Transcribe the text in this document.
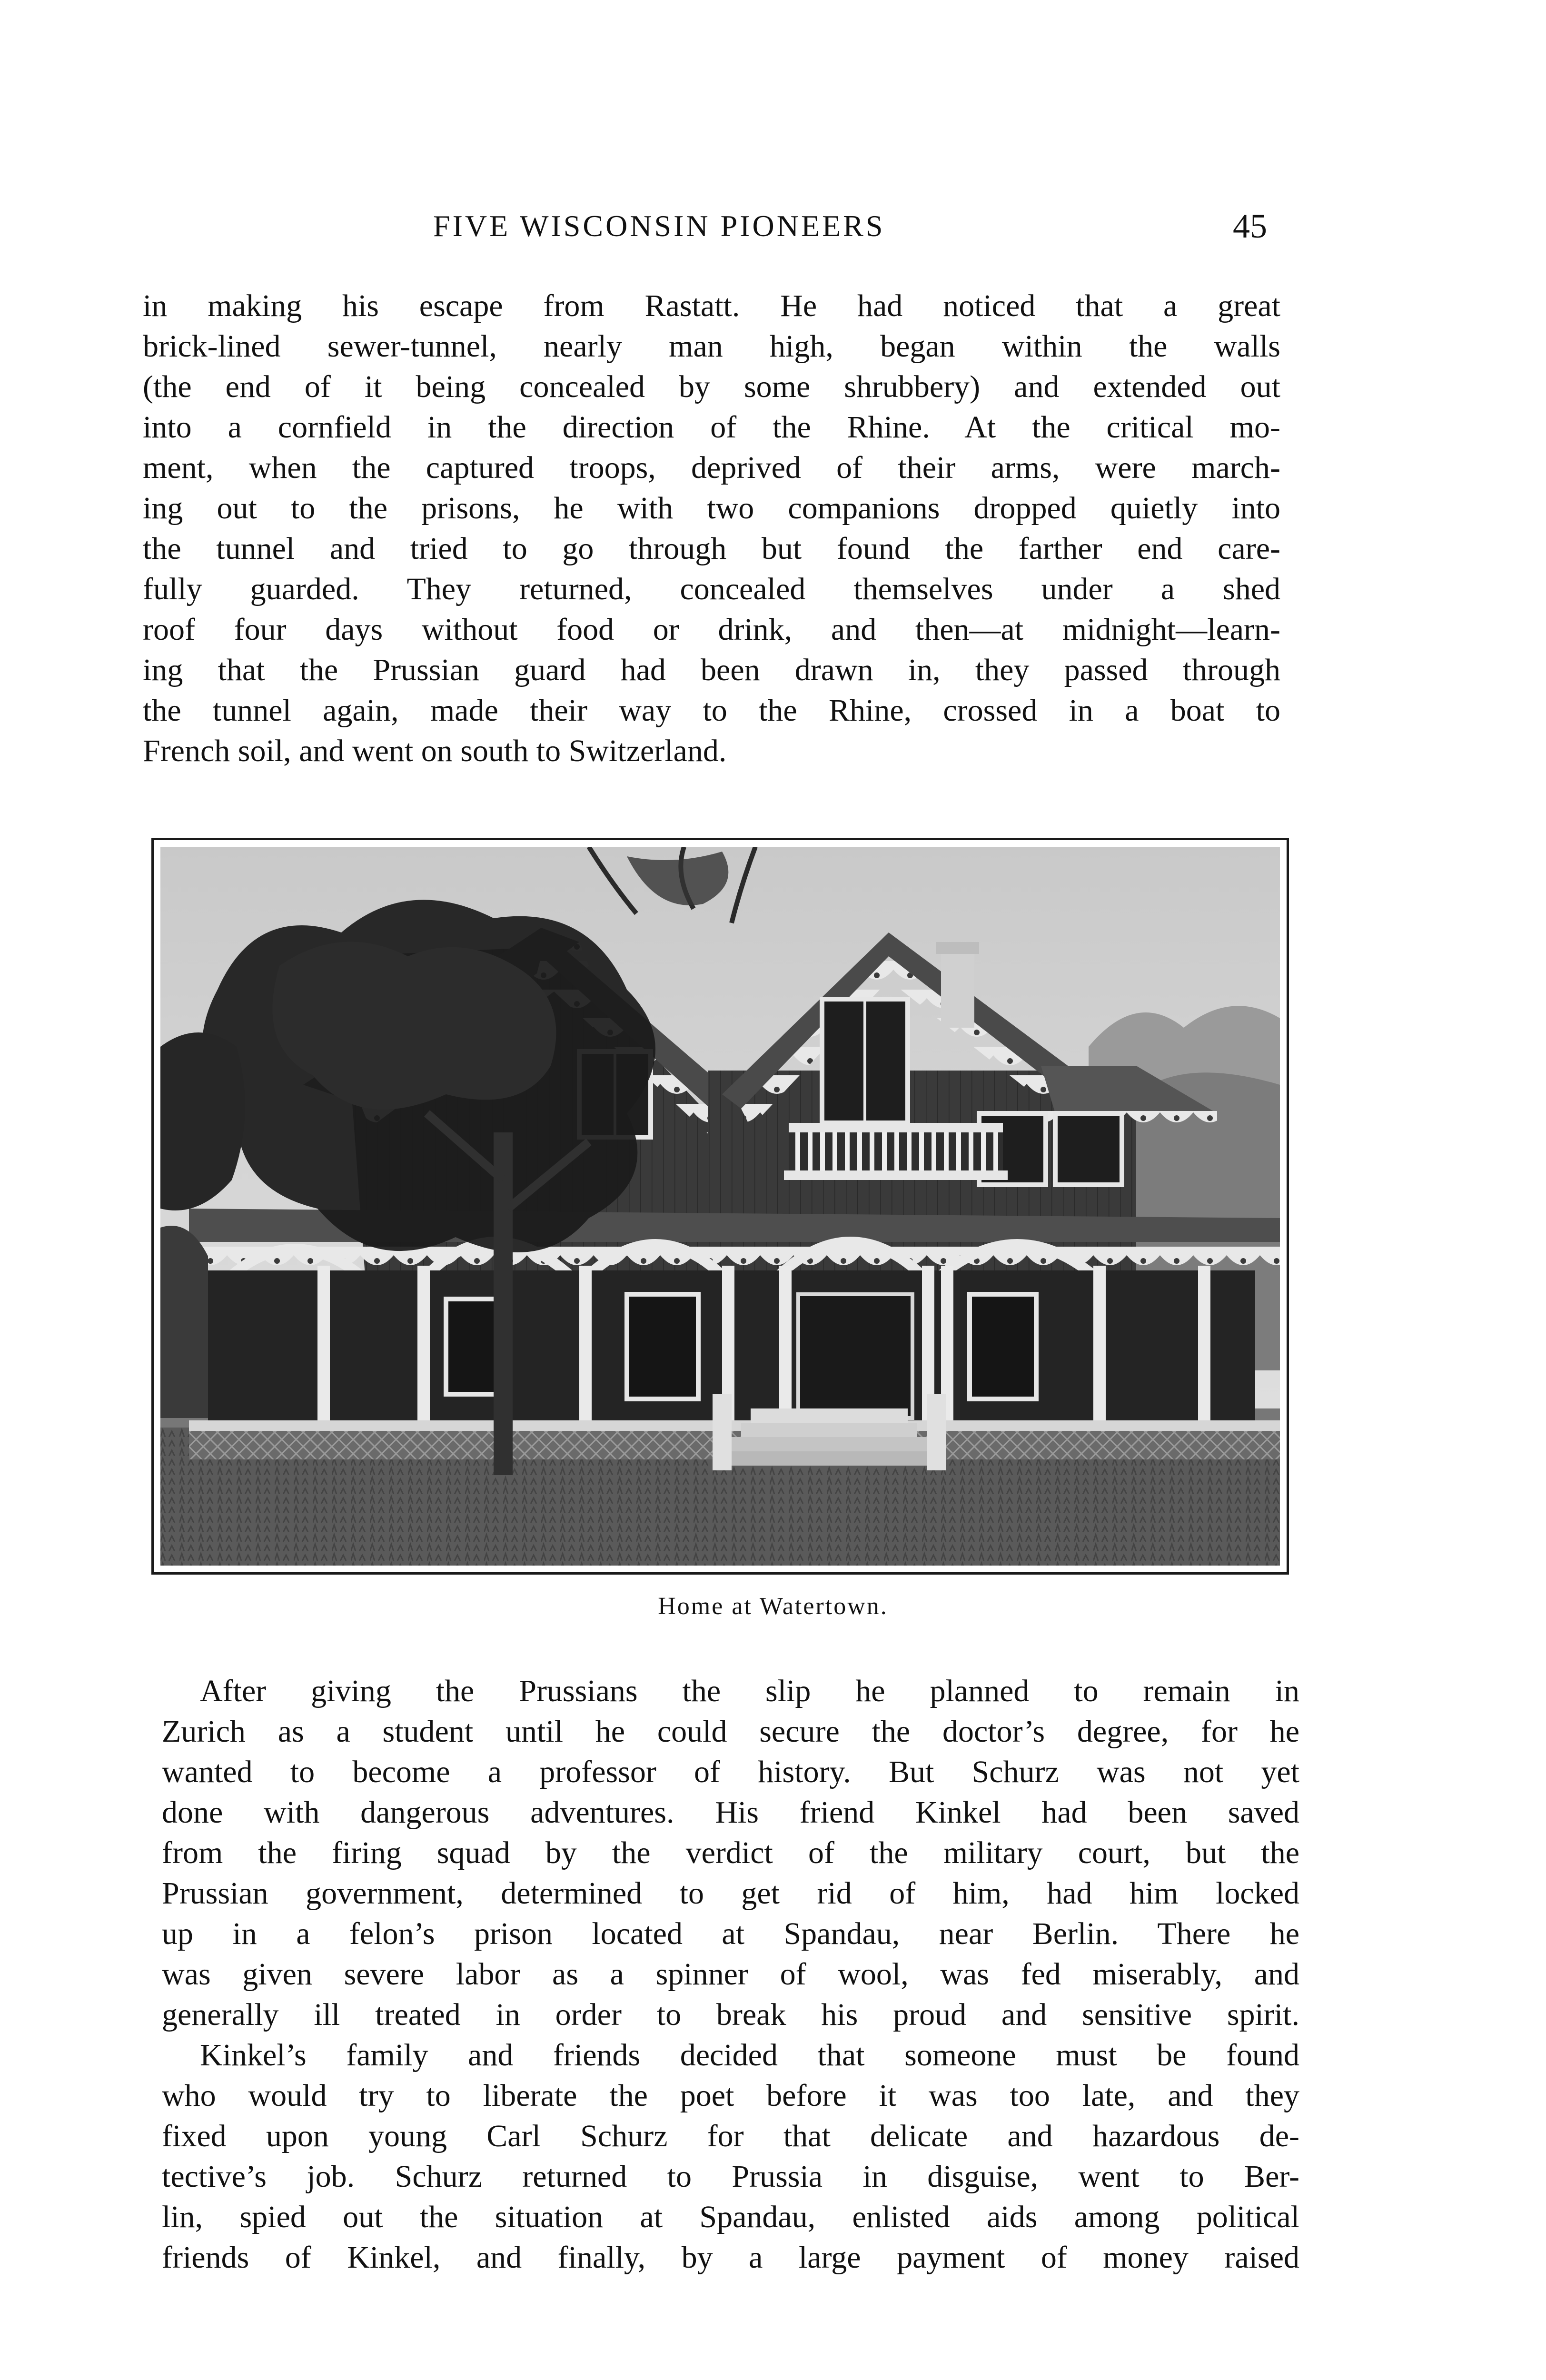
FIVE WISCONSIN PIONEERS	45
in making his escape from Rastatt. He had noticed that a great
brick-lined sewer-tunnel, nearly man high, began within the walls
(the end of it being concealed by some shrubbery) and extended out
into a cornfield in the direction of the Rhine. At the critical mo-
ment, when the captured troops, deprived of their arms, were march-
ing out to the prisons, he with two companions dropped quietly into
the tunnel and tried to go through but found the farther end care-
fully guarded. They returned, concealed themselves under a shed
roof four days without food or drink, and then—at midnight—learn-
ing that the Prussian guard had been drawn in, they passed through
the tunnel again, made their way to the Rhine, crossed in a boat to
French soil, and went on south to Switzerland.
Home at Watertown.
After giving the Prussians the slip he planned to remain in
Zurich as a student until he could secure the doctor’s degree, for he
wanted to become a professor of history. But Schurz was not yet
done with dangerous adventures. His friend Kinkel had been saved
from the firing squad by the verdict of the military court, but the
Prussian government, determined to get rid of him, had him locked
up in a felon’s prison located at Spandau, near Berlin. There he
was given severe labor as a spinner of wool, was fed miserably, and
generally ill treated in order to break his proud and sensitive spirit.
Kinkel’s family and friends decided that someone must be found
who would try to liberate the poet before it was too late, and they
fixed upon young Carl Schurz for that delicate and hazardous de-
tective’s job. Schurz returned to Prussia in disguise, went to Ber-
lin, spied out the situation at Spandau, enlisted aids among political
friends of Kinkel, and finally, by a large payment of money raised
